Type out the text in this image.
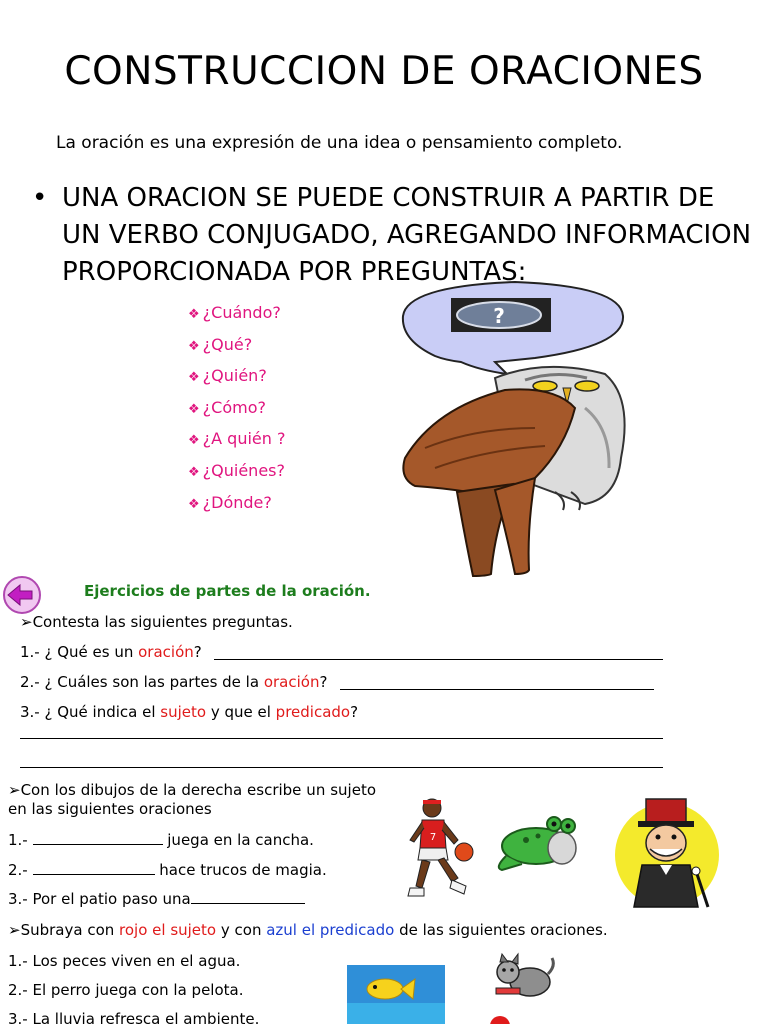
CONSTRUCCION DE ORACIONES
La oración es una expresión de una idea o pensamiento completo.
• UNA ORACION SE PUEDE CONSTRUIR A PARTIR DE UN VERBO CONJUGADO, AGREGANDO INFORMACION PROPORCIONADA POR PREGUNTAS:
❖ ¿Cuándo?
❖ ¿Qué?
❖ ¿Quién?
❖ ¿Cómo?
❖ ¿A quién ?
❖ ¿Quiénes?
❖ ¿Dónde?
?
Ejercicios de partes de la oración.
➢Contesta las siguientes preguntas.
1.- ¿ Qué es un oración?
2.- ¿ Cuáles son las partes de la oración?
3.- ¿ Qué indica el sujeto y que el predicado?
➢Con los dibujos de la derecha escribe un sujeto en las siguientes oraciones
1.-	juega en la cancha.
2.-	hace trucos de magia.
3.- Por el patio paso una
7
➢Subraya con rojo el sujeto y con azul el predicado de las siguientes oraciones.
1.- Los peces viven en el agua.
2.- El perro juega con la pelota.
3.- La lluvia refresca el ambiente.
